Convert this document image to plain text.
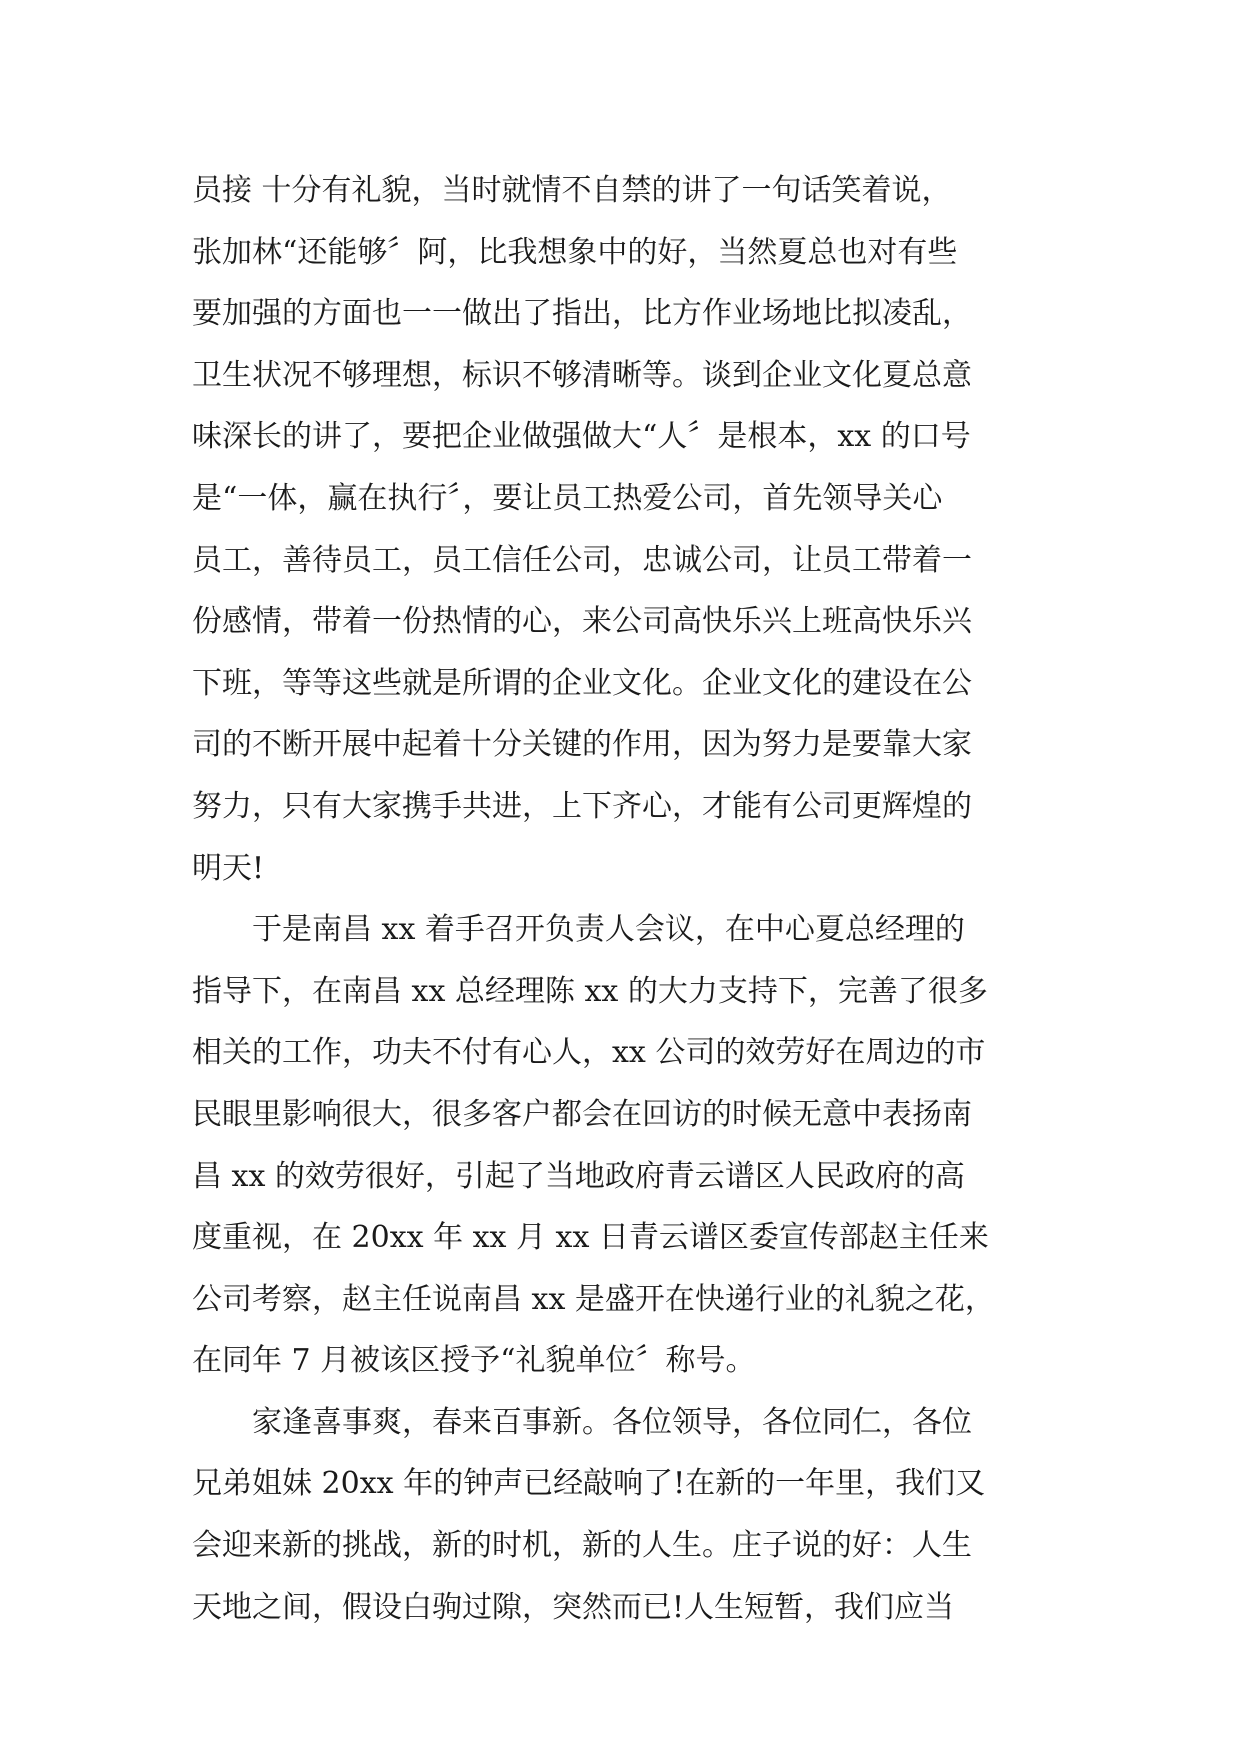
员接 十分有礼貌，当时就情不自禁的讲了一句话笑着说，
张加林“还能够〞阿，比我想象中的好，当然夏总也对有些
要加强的方面也一一做出了指出，比方作业场地比拟凌乱，
卫生状况不够理想，标识不够清晰等。谈到企业文化夏总意
味深长的讲了，要把企业做强做大“人〞是根本，xx 的口号
是“一体，赢在执行〞，要让员工热爱公司，首先领导关心
员工，善待员工，员工信任公司，忠诚公司，让员工带着一
份感情，带着一份热情的心，来公司高快乐兴上班高快乐兴
下班，等等这些就是所谓的企业文化。企业文化的建设在公
司的不断开展中起着十分关键的作用，因为努力是要靠大家
努力，只有大家携手共进，上下齐心，才能有公司更辉煌的
明天!
于是南昌 xx 着手召开负责人会议，在中心夏总经理的
指导下，在南昌 xx 总经理陈 xx 的大力支持下，完善了很多
相关的工作，功夫不付有心人，xx 公司的效劳好在周边的市
民眼里影响很大，很多客户都会在回访的时候无意中表扬南
昌 xx 的效劳很好，引起了当地政府青云谱区人民政府的高
度重视，在 20xx 年 xx 月 xx 日青云谱区委宣传部赵主任来
公司考察，赵主任说南昌 xx 是盛开在快递行业的礼貌之花，
在同年 7 月被该区授予“礼貌单位〞称号。
家逢喜事爽，春来百事新。各位领导，各位同仁，各位
兄弟姐妹 20xx 年的钟声已经敲响了!在新的一年里，我们又
会迎来新的挑战，新的时机，新的人生。庄子说的好：人生
天地之间，假设白驹过隙，突然而已!人生短暂，我们应当
